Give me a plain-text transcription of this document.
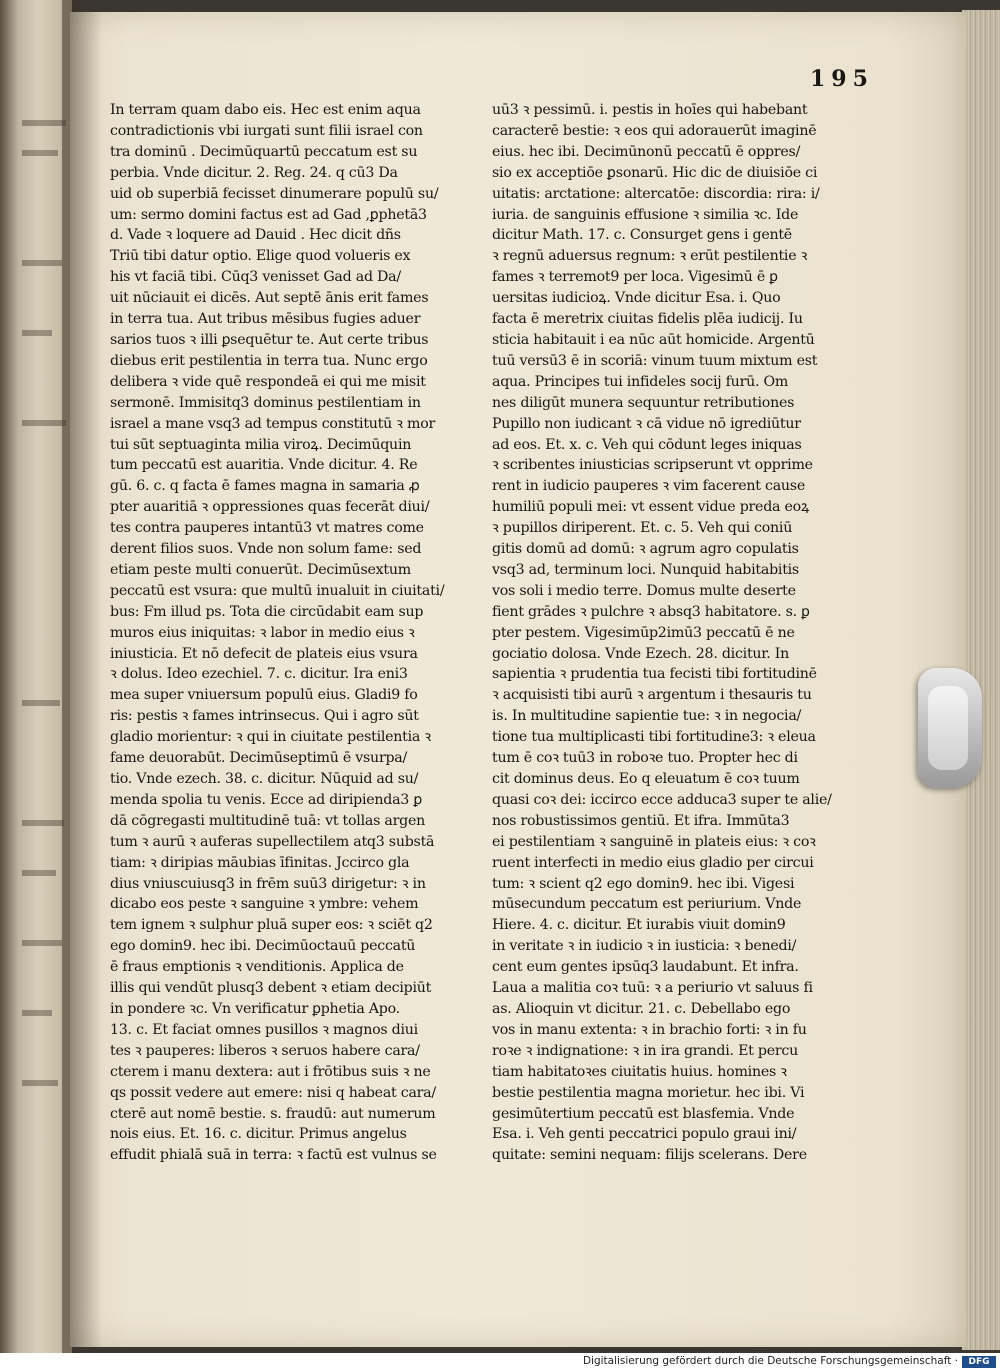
195
In terram quam dabo eis. Hec est enim aqua
contradictionis vbi iurgati sunt filii israel con
tra dominū . Decimūquartū peccatum est su
perbia. Vnde dicitur. 2. Reg. 24. q cū3 Da
uid ob superbiā fecisset dinumerare populū su/
um: sermo domini factus est ad Gad ,ꝑphetā3
d. Vade ꝛ loquere ad Dauid . Hec dicit dñs
Triū tibi datur optio. Elige quod volueris ex
his vt faciā tibi. Cūq3 venisset Gad ad Da/
uit nūciauit ei dicēs. Aut septē ānis erit fames
in terra tua. Aut tribus mēsibus fugies aduer
sarios tuos ꝛ illi ꝑsequētur te. Aut certe tribus
diebus erit pestilentia in terra tua. Nunc ergo
delibera ꝛ vide quē respondeā ei qui me misit
sermonē. Immisitq3 dominus pestilentiam in
israel a mane vsq3 ad tempus constitutū ꝛ mor
tui sūt septuaginta milia viroꝝ. Decimūquin
tum peccatū est auaritia. Vnde dicitur. 4. Re
gū. 6. c. q facta ē fames magna in samaria ꝓ
pter auaritiā ꝛ oppressiones quas fecerāt diui/
tes contra pauperes intantū3 vt matres come
derent filios suos. Vnde non solum fame: sed
etiam peste multi conuerūt. Decimūsextum
peccatū est vsura: que multū inualuit in ciuitati/
bus: Fm illud ps. Tota die circūdabit eam sup
muros eius iniquitas: ꝛ labor in medio eius ꝛ
iniusticia. Et nō defecit de plateis eius vsura
ꝛ dolus. Ideo ezechiel. 7. c. dicitur. Ira eni3
mea super vniuersum populū eius. Gladi9 fo
ris: pestis ꝛ fames intrinsecus. Qui i agro sūt
gladio morientur: ꝛ qui in ciuitate pestilentia ꝛ
fame deuorabūt. Decimūseptimū ē vsurpa/
tio. Vnde ezech. 38. c. dicitur. Nūquid ad su/
menda spolia tu venis. Ecce ad diripienda3 ꝑ
dā cōgregasti multitudinē tuā: vt tollas argen
tum ꝛ aurū ꝛ auferas supellectilem atq3 substā
tiam: ꝛ diripias māubias īfinitas. Jccirco gla
dius vniuscuiusq3 in frēm suū3 dirigetur: ꝛ in
dicabo eos peste ꝛ sanguine ꝛ ymbre: vehem
tem ignem ꝛ sulphur pluā super eos: ꝛ sciēt q2
ego domin9. hec ibi. Decimūoctauū peccatū
ē fraus emptionis ꝛ venditionis. Applica de
illis qui vendūt plusq3 debent ꝛ etiam decipiūt
in pondere ꝛc. Vn verificatur ꝑphetia Apo.
13. c. Et faciat omnes pusillos ꝛ magnos diui
tes ꝛ pauperes: liberos ꝛ seruos habere cara/
cterem i manu dextera: aut i frōtibus suis ꝛ ne
qs possit vedere aut emere: nisi q habeat cara/
cterē aut nomē bestie. s. fraudū: aut numerum
nois eius. Et. 16. c. dicitur. Primus angelus
effudit phialā suā in terra: ꝛ factū est vulnus se
uū3 ꝛ pessimū. i. pestis in hoīes qui habebant
caracterē bestie: ꝛ eos qui adorauerūt imaginē
eius. hec ibi. Decimūnonū peccatū ē oppres/
sio ex acceptiōe ꝑsonarū. Hic dic de diuisiōe ci
uitatis: arctatione: altercatōe: discordia: rira: i/
iuria. de sanguinis effusione ꝛ similia ꝛc. Ide
dicitur Math. 17. c. Consurget gens i gentē
ꝛ regnū aduersus regnum: ꝛ erūt pestilentie ꝛ
fames ꝛ terremot9 per loca. Vigesimū ē ꝑ
uersitas iudicioꝝ. Vnde dicitur Esa. i. Quo
facta ē meretrix ciuitas fidelis plēa iudicij. Iu
sticia habitauit i ea nūc aūt homicide. Argentū
tuū versū3 ē in scoriā: vinum tuum mixtum est
aqua. Principes tui infideles socij furū. Om
nes diligūt munera sequuntur retributiones
Pupillo non iudicant ꝛ cā vidue nō igrediūtur
ad eos. Et. x. c. Veh qui cōdunt leges iniquas
ꝛ scribentes iniusticias scripserunt vt opprime
rent in iudicio pauperes ꝛ vim facerent cause
humiliū populi mei: vt essent vidue preda eoꝝ
ꝛ pupillos diriperent. Et. c. 5. Veh qui coniū
gitis domū ad domū: ꝛ agrum agro copulatis
vsq3 ad, terminum loci. Nunquid habitabitis
vos soli i medio terre. Domus multe deserte
fient grādes ꝛ pulchre ꝛ absq3 habitatore. s. ꝑ
pter pestem. Vigesimūp2imū3 peccatū ē ne
gociatio dolosa. Vnde Ezech. 28. dicitur. In
sapientia ꝛ prudentia tua fecisti tibi fortitudinē
ꝛ acquisisti tibi aurū ꝛ argentum i thesauris tu
is. In multitudine sapientie tue: ꝛ in negocia/
tione tua multiplicasti tibi fortitudine3: ꝛ eleua
tum ē coꝛ tuū3 in roboꝛe tuo. Propter hec di
cit dominus deus. Eo q eleuatum ē coꝛ tuum
quasi coꝛ dei: iccirco ecce adduca3 super te alie/
nos robustissimos gentiū. Et ifra. Immūta3
ei pestilentiam ꝛ sanguinē in plateis eius: ꝛ coꝛ
ruent interfecti in medio eius gladio per circui
tum: ꝛ scient q2 ego domin9. hec ibi. Vigesi
mūsecundum peccatum est periurium. Vnde
Hiere. 4. c. dicitur. Et iurabis viuit domin9
in veritate ꝛ in iudicio ꝛ in iusticia: ꝛ benedi/
cent eum gentes ipsūq3 laudabunt. Et infra.
Laua a malitia coꝛ tuū: ꝛ a periurio vt saluus fi
as. Alioquin vt dicitur. 21. c. Debellabo ego
vos in manu extenta: ꝛ in brachio forti: ꝛ in fu
roꝛe ꝛ indignatione: ꝛ in ira grandi. Et percu
tiam habitatoꝛes ciuitatis huius. homines ꝛ
bestie pestilentia magna morietur. hec ibi. Vi
gesimūtertium peccatū est blasfemia. Vnde
Esa. i. Veh genti peccatrici populo graui ini/
quitate: semini nequam: filijs scelerans. Dere
Digitalisierung gefördert durch die Deutsche Forschungsgemeinschaft ·	DFG
